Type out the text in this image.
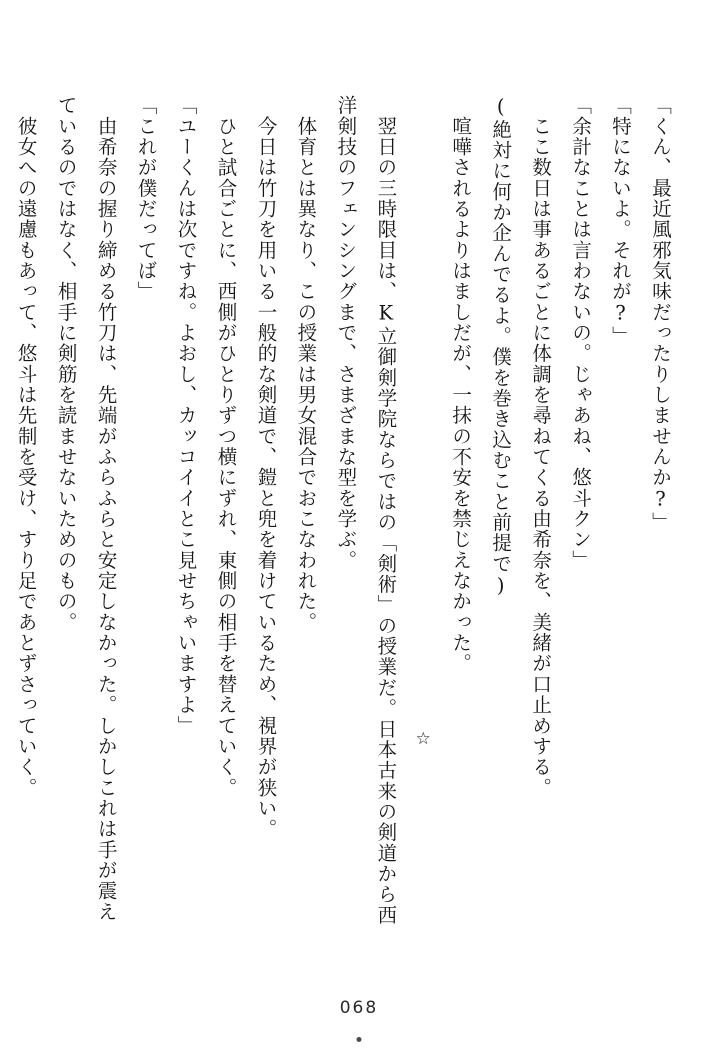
「くん、最近風邪気味だったりしませんか?」

「特にないよ。それが?」

「余計なことは言わないの。じゃあね、悠斗クン」

　ここ数日は事あるごとに体調を尋ねてくる由希奈を、美緒が口止めする。

(絶対に何か企んでるよ。僕を巻き込むこと前提で)

　喧嘩されるよりはましだが、一抹の不安を禁じえなかった。

☆

　翌日の三時限目は、K立御剣学院ならではの「剣術」の授業だ。日本古来の剣道から西

洋剣技のフェンシングまで、さまざまな型を学ぶ。

　体育とは異なり、この授業は男女混合でおこなわれた。

　今日は竹刀を用いる一般的な剣道で、鎧と兜を着けているため、視界が狭い。

　ひと試合ごとに、西側がひとりずつ横にずれ、東側の相手を替えていく。

「ユーくんは次ですね。よおし、カッコイイとこ見せちゃいますよ」

「これが僕だってば」

　由希奈の握り締める竹刀は、先端がふらふらと安定しなかった。しかしこれは手が震え

ているのではなく、相手に剣筋を読ませないためのもの。

　彼女への遠慮もあって、悠斗は先制を受け、すり足であとずさっていく。

068
